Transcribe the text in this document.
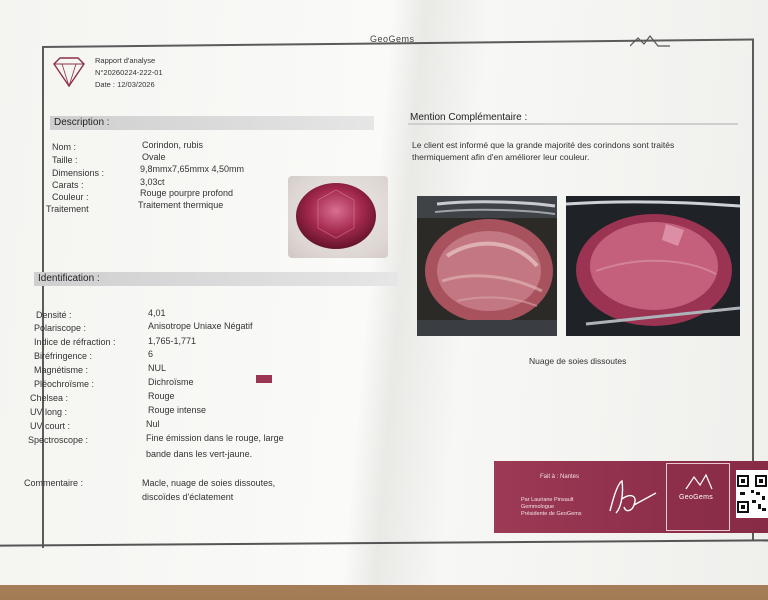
GeoGems
Rapport d'analyse
N°20260224-222-01
Date : 12/03/2026
Description :
Nom :	Corindon, rubis
Taille :	Ovale
Dimensions :	9,8mmx7,65mmx 4,50mm
Carats :	3,03ct
Couleur :	Rouge pourpre profond
Traitement	Traitement thermique
Identification :
Densité :	4,01
Polariscope :	Anisotrope Uniaxe Négatif
Indice de réfraction :	1,765-1,771
Biréfringence :	6
Magnétisme :	NUL
Pléochroïsme :	Dichroïsme
Chelsea :	Rouge
UV long :	Rouge intense
UV court :	Nul
Spectroscope :	Fine émission dans le rouge, large
bande dans les vert-jaune.
Commentaire :	Macle, nuage de soies dissoutes,
discoïdes d'éclatement
Mention Complémentaire :
Le client est informé que la grande majorité des corindons sont traités
thermiquement afin d'en améliorer leur couleur.
Nuage de soies dissoutes
Fait à : Nantes
Par Lauriane Pinsault
Gemmologue
Présidente de GeoGems
GeoGems
